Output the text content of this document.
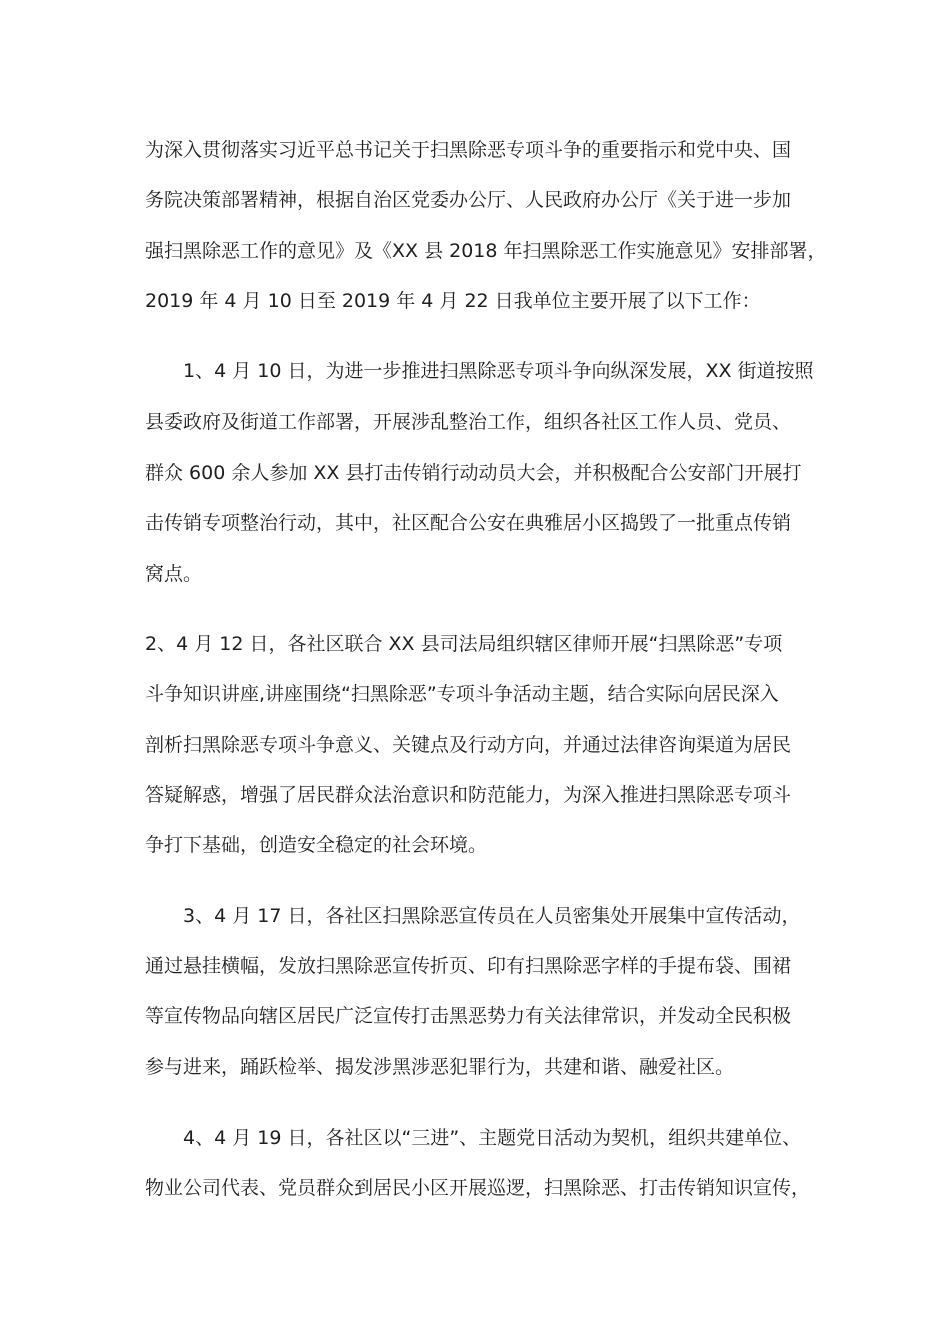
为深入贯彻落实习近平总书记关于扫黑除恶专项斗争的重要指示和党中央、国
务院决策部署精神，根据自治区党委办公厅、人民政府办公厅《关于进一步加
强扫黑除恶工作的意见》及《XX 县 2018 年扫黑除恶工作实施意见》安排部署，
2019 年 4 月 10 日至 2019 年 4 月 22 日我单位主要开展了以下工作：
1、4 月 10 日，为进一步推进扫黑除恶专项斗争向纵深发展，XX 街道按照
县委政府及街道工作部署，开展涉乱整治工作，组织各社区工作人员、党员、
群众 600 余人参加 XX 县打击传销行动动员大会，并积极配合公安部门开展打
击传销专项整治行动，其中，社区配合公安在典雅居小区捣毁了一批重点传销
窝点。
2、4 月 12 日，各社区联合 XX 县司法局组织辖区律师开展“扫黑除恶”专项
斗争知识讲座,讲座围绕“扫黑除恶”专项斗争活动主题，结合实际向居民深入
剖析扫黑除恶专项斗争意义、关键点及行动方向，并通过法律咨询渠道为居民
答疑解惑，增强了居民群众法治意识和防范能力，为深入推进扫黑除恶专项斗
争打下基础，创造安全稳定的社会环境。
3、4 月 17 日，各社区扫黑除恶宣传员在人员密集处开展集中宣传活动，
通过悬挂横幅，发放扫黑除恶宣传折页、印有扫黑除恶字样的手提布袋、围裙
等宣传物品向辖区居民广泛宣传打击黑恶势力有关法律常识，并发动全民积极
参与进来，踊跃检举、揭发涉黑涉恶犯罪行为，共建和谐、融爱社区。
4、4 月 19 日，各社区以“三进”、主题党日活动为契机，组织共建单位、
物业公司代表、党员群众到居民小区开展巡逻，扫黑除恶、打击传销知识宣传，
